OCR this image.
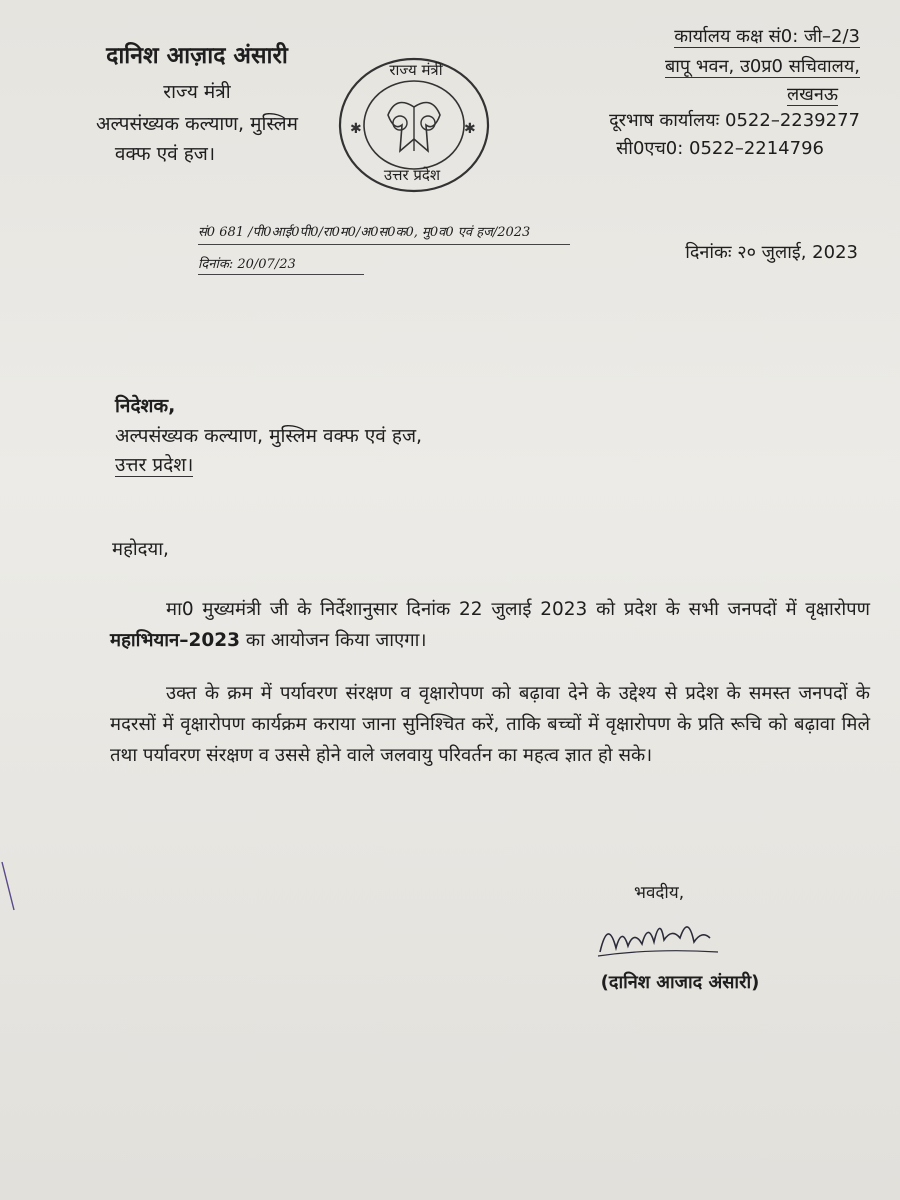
दानिश आज़ाद अंसारी
राज्य मंत्री
अल्पसंख्यक कल्याण, मुस्लिम
वक्फ एवं हज।
✱	✱
राज्य मंत्री
उत्तर प्रदेश
कार्यालय कक्ष सं0: जी–2/3
बापू भवन, उ0प्र0 सचिवालय,
लखनऊ
दूरभाष कार्यालयः 0522–2239277
सी0एच0: 0522–2214796
सं0 681 /पी0आई0पी0/रा0म0/अ0स0क0, मु0व0 एवं हज/2023
दिनांक: 20/07/23
दिनांकः २० जुलाई, 2023
निदेशक,
अल्पसंख्यक कल्याण, मुस्लिम वक्फ एवं हज,
उत्तर प्रदेश।
महोदया,
मा0 मुख्यमंत्री जी के निर्देशानुसार दिनांक 22 जुलाई 2023 को प्रदेश के सभी जनपदों में वृक्षारोपण महाभियान–2023 का आयोजन किया जाएगा।
उक्त के क्रम में पर्यावरण संरक्षण व वृक्षारोपण को बढ़ावा देने के उद्देश्य से प्रदेश के समस्त जनपदों के मदरसों में वृक्षारोपण कार्यक्रम कराया जाना सुनिश्चित करें, ताकि बच्चों में वृक्षारोपण के प्रति रूचि को बढ़ावा मिले तथा पर्यावरण संरक्षण व उससे होने वाले जलवायु परिवर्तन का महत्व ज्ञात हो सके।
भवदीय,
(दानिश आजाद अंसारी)
